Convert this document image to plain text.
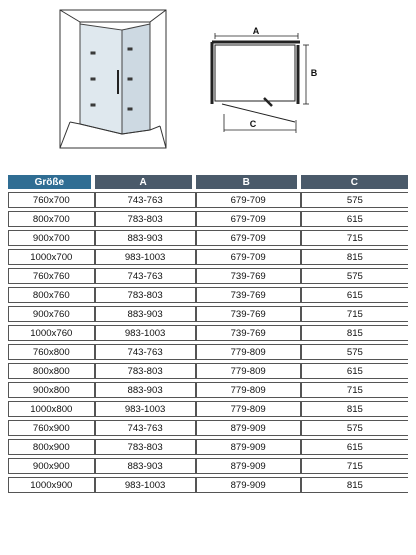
A
B
C
Größe	A	B	C
760x700	743-763	679-709	575
800x700	783-803	679-709	615
900x700	883-903	679-709	715
1000x700	983-1003	679-709	815
760x760	743-763	739-769	575
800x760	783-803	739-769	615
900x760	883-903	739-769	715
1000x760	983-1003	739-769	815
760x800	743-763	779-809	575
800x800	783-803	779-809	615
900x800	883-903	779-809	715
1000x800	983-1003	779-809	815
760x900	743-763	879-909	575
800x900	783-803	879-909	615
900x900	883-903	879-909	715
1000x900	983-1003	879-909	815
